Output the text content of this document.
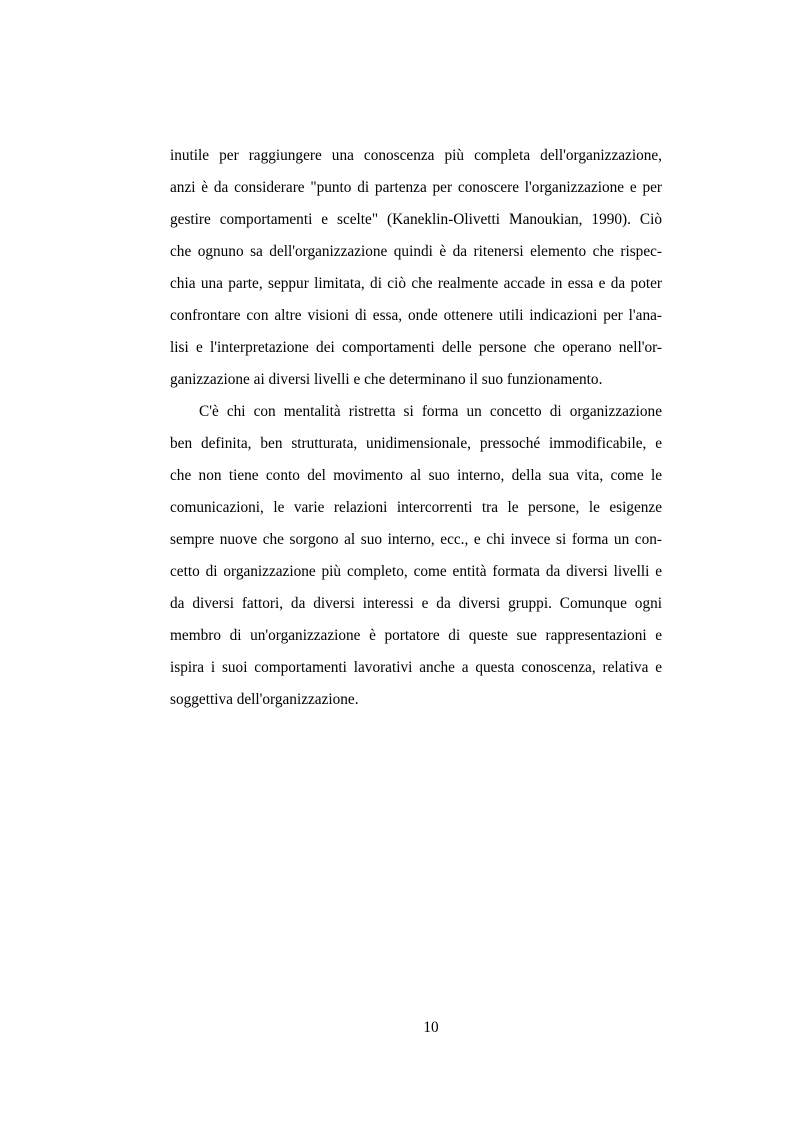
inutile per raggiungere una conoscenza più completa dell'organizzazione,
anzi è da considerare "punto di partenza per conoscere l'organizzazione e per
gestire comportamenti e scelte" (Kaneklin-Olivetti Manoukian, 1990). Ciò
che ognuno sa dell'organizzazione quindi è da ritenersi elemento che rispec-
chia una parte, seppur limitata, di ciò che realmente accade in essa e da poter
confrontare con altre visioni di essa, onde ottenere utili indicazioni per l'ana-
lisi e l'interpretazione dei comportamenti delle persone che operano nell'or-
ganizzazione ai diversi livelli e che determinano il suo funzionamento.
C'è chi con mentalità ristretta si forma un concetto di organizzazione
ben definita, ben strutturata, unidimensionale, pressoché immodificabile, e
che non tiene conto del movimento al suo interno, della sua vita, come le
comunicazioni, le varie relazioni intercorrenti tra le persone, le esigenze
sempre nuove che sorgono al suo interno, ecc., e chi invece si forma un con-
cetto di organizzazione più completo, come entità formata da diversi livelli e
da diversi fattori, da diversi interessi e da diversi gruppi. Comunque ogni
membro di un'organizzazione è portatore di queste sue rappresentazioni e
ispira i suoi comportamenti lavorativi anche a questa conoscenza, relativa e
soggettiva dell'organizzazione.
10
